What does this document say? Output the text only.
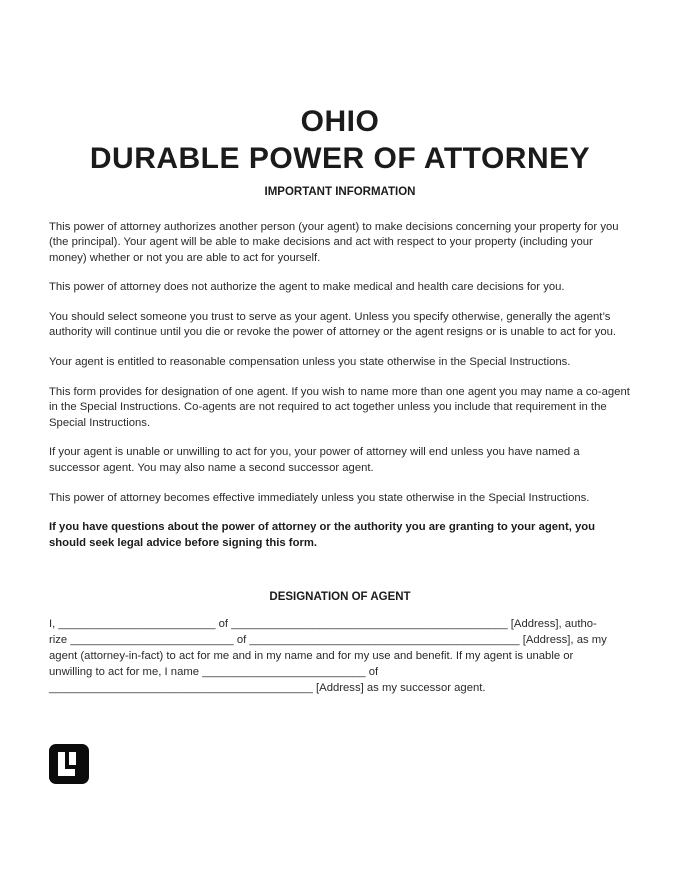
OHIO
DURABLE POWER OF ATTORNEY
IMPORTANT INFORMATION

This power of attorney authorizes another person (your agent) to make decisions concerning your property for you (the principal). Your agent will be able to make decisions and act with respect to your property (including your money) whether or not you are able to act for yourself.

This power of attorney does not authorize the agent to make medical and health care decisions for you.

You should select someone you trust to serve as your agent. Unless you specify otherwise, generally the agent’s authority will continue until you die or revoke the power of attorney or the agent resigns or is unable to act for you.

Your agent is entitled to reasonable compensation unless you state otherwise in the Special Instructions.

This form provides for designation of one agent. If you wish to name more than one agent you may name a co-agent in the Special Instructions. Co-agents are not required to act together unless you include that requirement in the Special Instructions.

If your agent is unable or unwilling to act for you, your power of attorney will end unless you have named a successor agent. You may also name a second successor agent.

This power of attorney becomes effective immediately unless you state otherwise in the Special Instructions.

If you have questions about the power of attorney or the authority you are granting to your agent, you should seek legal advice before signing this form.

DESIGNATION OF AGENT
I, _________________________ of ____________________________________________ [Address], autho-
rize __________________________ of ___________________________________________ [Address], as my
agent (attorney-in-fact) to act for me and in my name and for my use and benefit. If my agent is unable or
unwilling to act for me, I name __________________________ of
__________________________________________ [Address] as my successor agent.
